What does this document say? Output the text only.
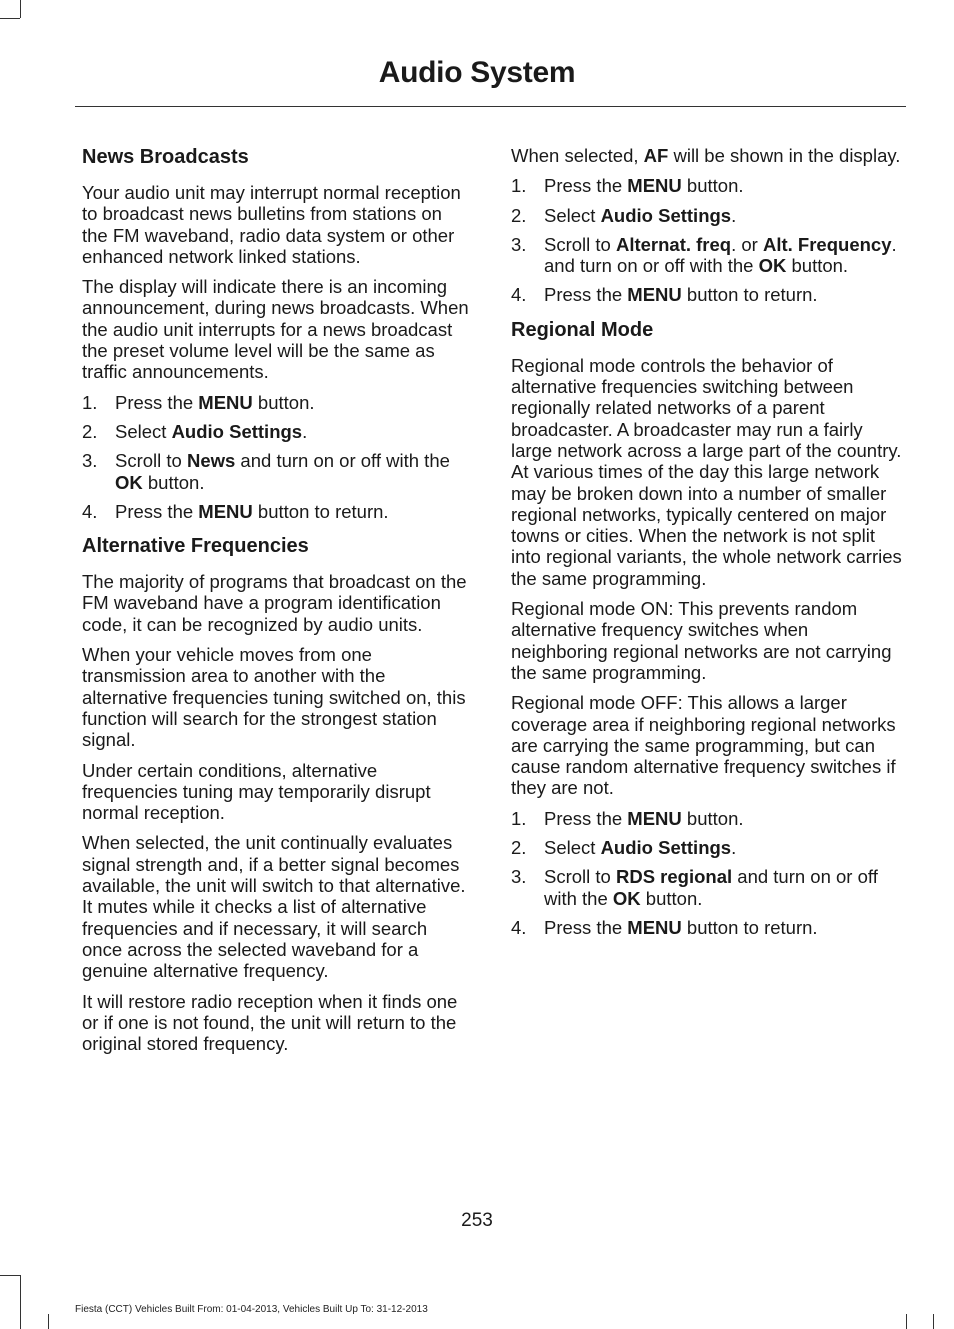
Audio System
News Broadcasts

Your audio unit may interrupt normal reception to broadcast news bulletins from stations on the FM waveband, radio data system or other enhanced network linked stations.

The display will indicate there is an incoming announcement, during news broadcasts. When the audio unit interrupts for a news broadcast the preset volume level will be the same as traffic announcements.

1. Press the MENU button.
2. Select Audio Settings.
3. Scroll to News and turn on or off with the OK button.
4. Press the MENU button to return.
Alternative Frequencies

The majority of programs that broadcast on the FM waveband have a program identification code, it can be recognized by audio units.

When your vehicle moves from one transmission area to another with the alternative frequencies tuning switched on, this function will search for the strongest station signal.

Under certain conditions, alternative frequencies tuning may temporarily disrupt normal reception.

When selected, the unit continually evaluates signal strength and, if a better signal becomes available, the unit will switch to that alternative. It mutes while it checks a list of alternative frequencies and if necessary, it will search once across the selected waveband for a genuine alternative frequency.

It will restore radio reception when it finds one or if one is not found, the unit will return to the original stored frequency.

When selected, AF will be shown in the display.

1. Press the MENU button.
2. Select Audio Settings.
3. Scroll to Alternat. freq. or Alt. Frequency. and turn on or off with the OK button.
4. Press the MENU button to return.
Regional Mode

Regional mode controls the behavior of alternative frequencies switching between regionally related networks of a parent broadcaster. A broadcaster may run a fairly large network across a large part of the country. At various times of the day this large network may be broken down into a number of smaller regional networks, typically centered on major towns or cities. When the network is not split into regional variants, the whole network carries the same programming.

Regional mode ON: This prevents random alternative frequency switches when neighboring regional networks are not carrying the same programming.

Regional mode OFF: This allows a larger coverage area if neighboring regional networks are carrying the same programming, but can cause random alternative frequency switches if they are not.

1. Press the MENU button.
2. Select Audio Settings.
3. Scroll to RDS regional and turn on or off with the OK button.
4. Press the MENU button to return.

253

Fiesta (CCT) Vehicles Built From: 01-04-2013, Vehicles Built Up To: 31-12-2013
